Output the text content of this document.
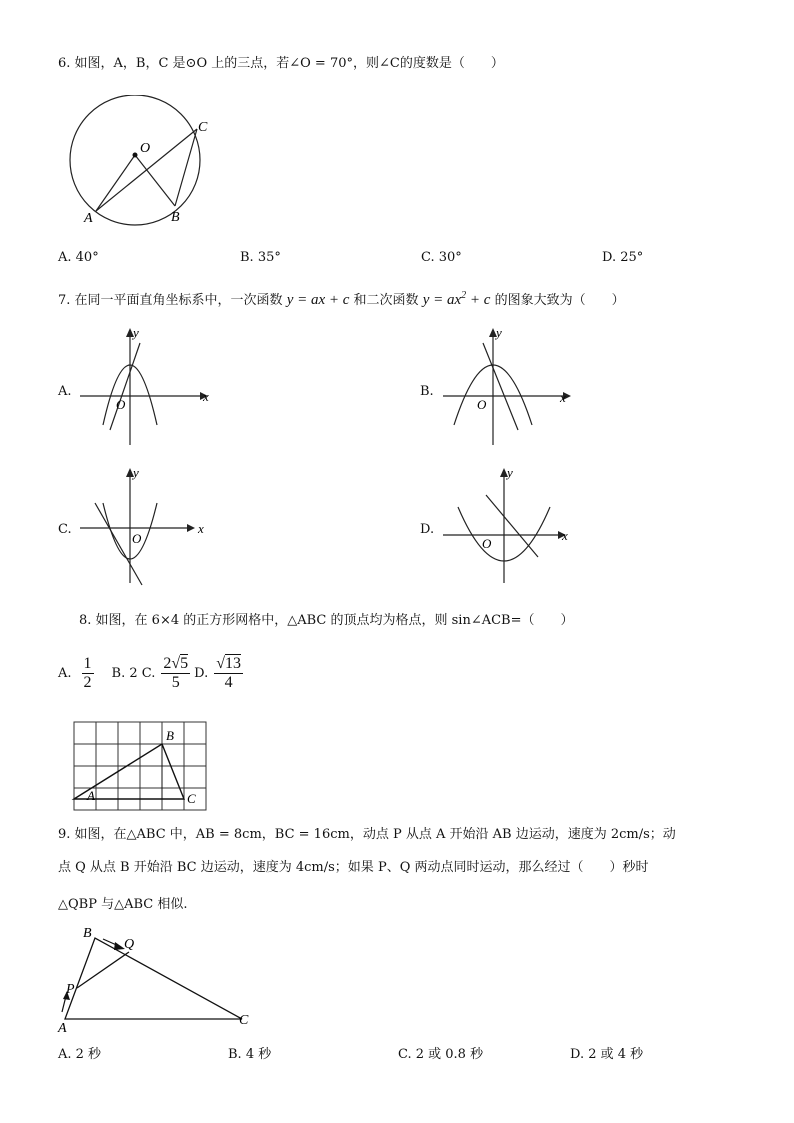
6. 如图，A，B，C 是⊙O 上的三点，若∠O = 70°，则∠C的度数是（　　）
O
A	B
C
A. 40°	B. 35°	C. 30°	D. 25°
7. 在同一平面直角坐标系中，一次函数 y = ax + c 和二次函数 $y = ax^2 + c$ 的图象大致为（　　）
A.	x
y
O
B.	x
y
O
C.	x
y
O
D.	x
y
O
8. 如图，在 6×4 的正方形网格中，△ABC 的顶点均为格点，则 sin∠ACB=（　　）
A. $\frac{1}{2} B$. 2 C. $\frac{2√5}{5} D$. $\frac{√13}{4}$
A
B
C
9. 如图，在△ABC 中，AB = 8cm，BC = 16cm，动点 P 从点 A 开始沿 AB 边运动，速度为 2cm/s；动
点 Q 从点 B 开始沿 BC 边运动，速度为 4cm/s；如果 P、Q 两动点同时运动，那么经过（　　）秒时
△QBP 与△ABC 相似.
B
Q
P
A
C
A. 2 秒	B. 4 秒	C. 2 或 0.8 秒	D. 2 或 4 秒
